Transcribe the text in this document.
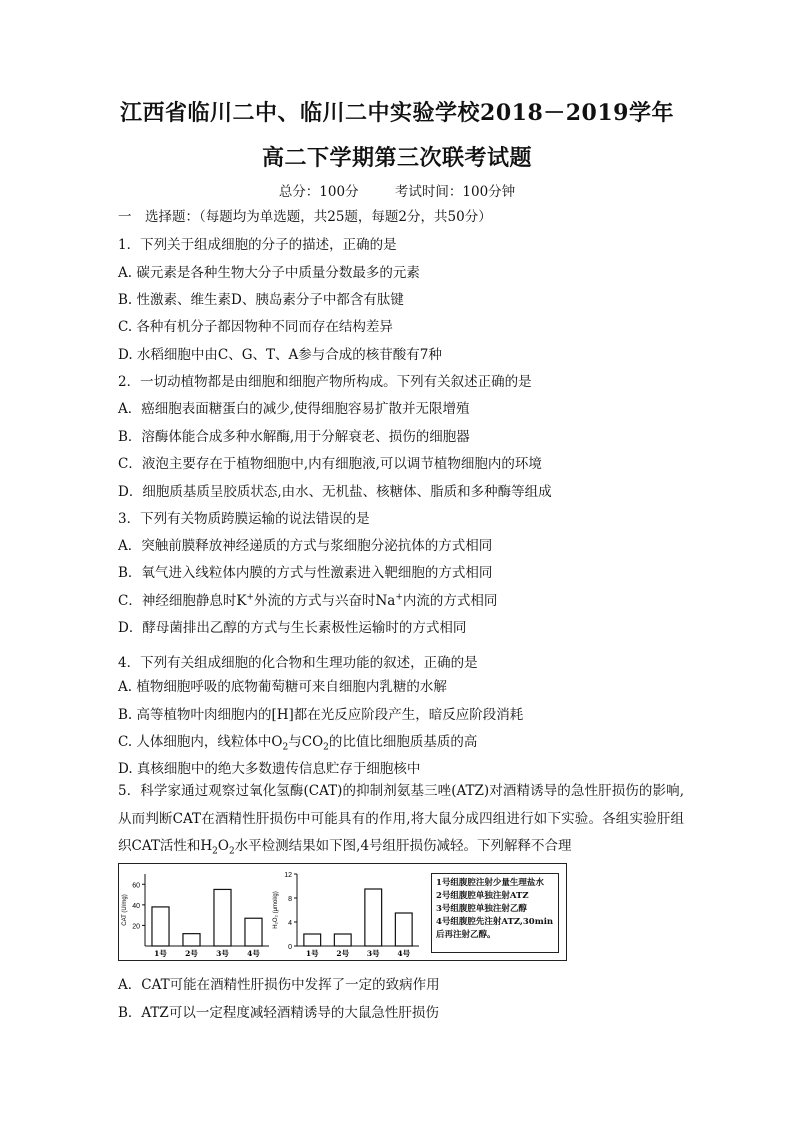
江西省临川二中、临川二中实验学校2018－2019学年
高二下学期第三次联考试题
总分：100分	考试时间：100分钟
一　选择题：（每题均为单选题，共25题，每题2分，共50分）
1．下列关于组成细胞的分子的描述，正确的是
A. 碳元素是各种生物大分子中质量分数最多的元素
B. 性激素、维生素D、胰岛素分子中都含有肽键
C. 各种有机分子都因物种不同而存在结构差异
D. 水稻细胞中由C、G、T、A参与合成的核苷酸有7种
2．一切动植物都是由细胞和细胞产物所构成。下列有关叙述正确的是
A．癌细胞表面糖蛋白的减少,使得细胞容易扩散并无限增殖
B．溶酶体能合成多种水解酶,用于分解衰老、损伤的细胞器
C．液泡主要存在于植物细胞中,内有细胞液,可以调节植物细胞内的环境
D．细胞质基质呈胶质状态,由水、无机盐、核糖体、脂质和多种酶等组成
3．下列有关物质跨膜运输的说法错误的是
A．突触前膜释放神经递质的方式与浆细胞分泌抗体的方式相同
B．氧气进入线粒体内膜的方式与性激素进入靶细胞的方式相同
C．神经细胞静息时K+外流的方式与兴奋时Na+内流的方式相同
D．酵母菌排出乙醇的方式与生长素极性运输时的方式相同
4．下列有关组成细胞的化合物和生理功能的叙述，正确的是
A. 植物细胞呼吸的底物葡萄糖可来自细胞内乳糖的水解
B. 高等植物叶肉细胞内的[H]都在光反应阶段产生，暗反应阶段消耗
C. 人体细胞内，线粒体中$O_2$与$CO_2$的比值比细胞质基质的高
D. 真核细胞中的绝大多数遗传信息贮存于细胞核中
5．科学家通过观察过氧化氢酶(CAT)的抑制剂氨基三唑(ATZ)对酒精诱导的急性肝损伤的影响,从而判断CAT在酒精性肝损伤中可能具有的作用,将大鼠分成四组进行如下实验。各组实验肝组织CAT活性和$H_2O_2$水平检测结果如下图,4号组肝损伤减轻。下列解释不合理
20
40
60
CAT (U/mg)
1号 2号 3号 4号
0
4
8
12
H₂O₂ (μmol/g)
1号 2号 3号 4号
1号组腹腔注射少量生理盐水
2号组腹腔单独注射ATZ
3号组腹腔单独注射乙醇
4号组腹腔先注射ATZ,30min
后再注射乙醇。
A．CAT可能在酒精性肝损伤中发挥了一定的致病作用
B．ATZ可以一定程度减轻酒精诱导的大鼠急性肝损伤
